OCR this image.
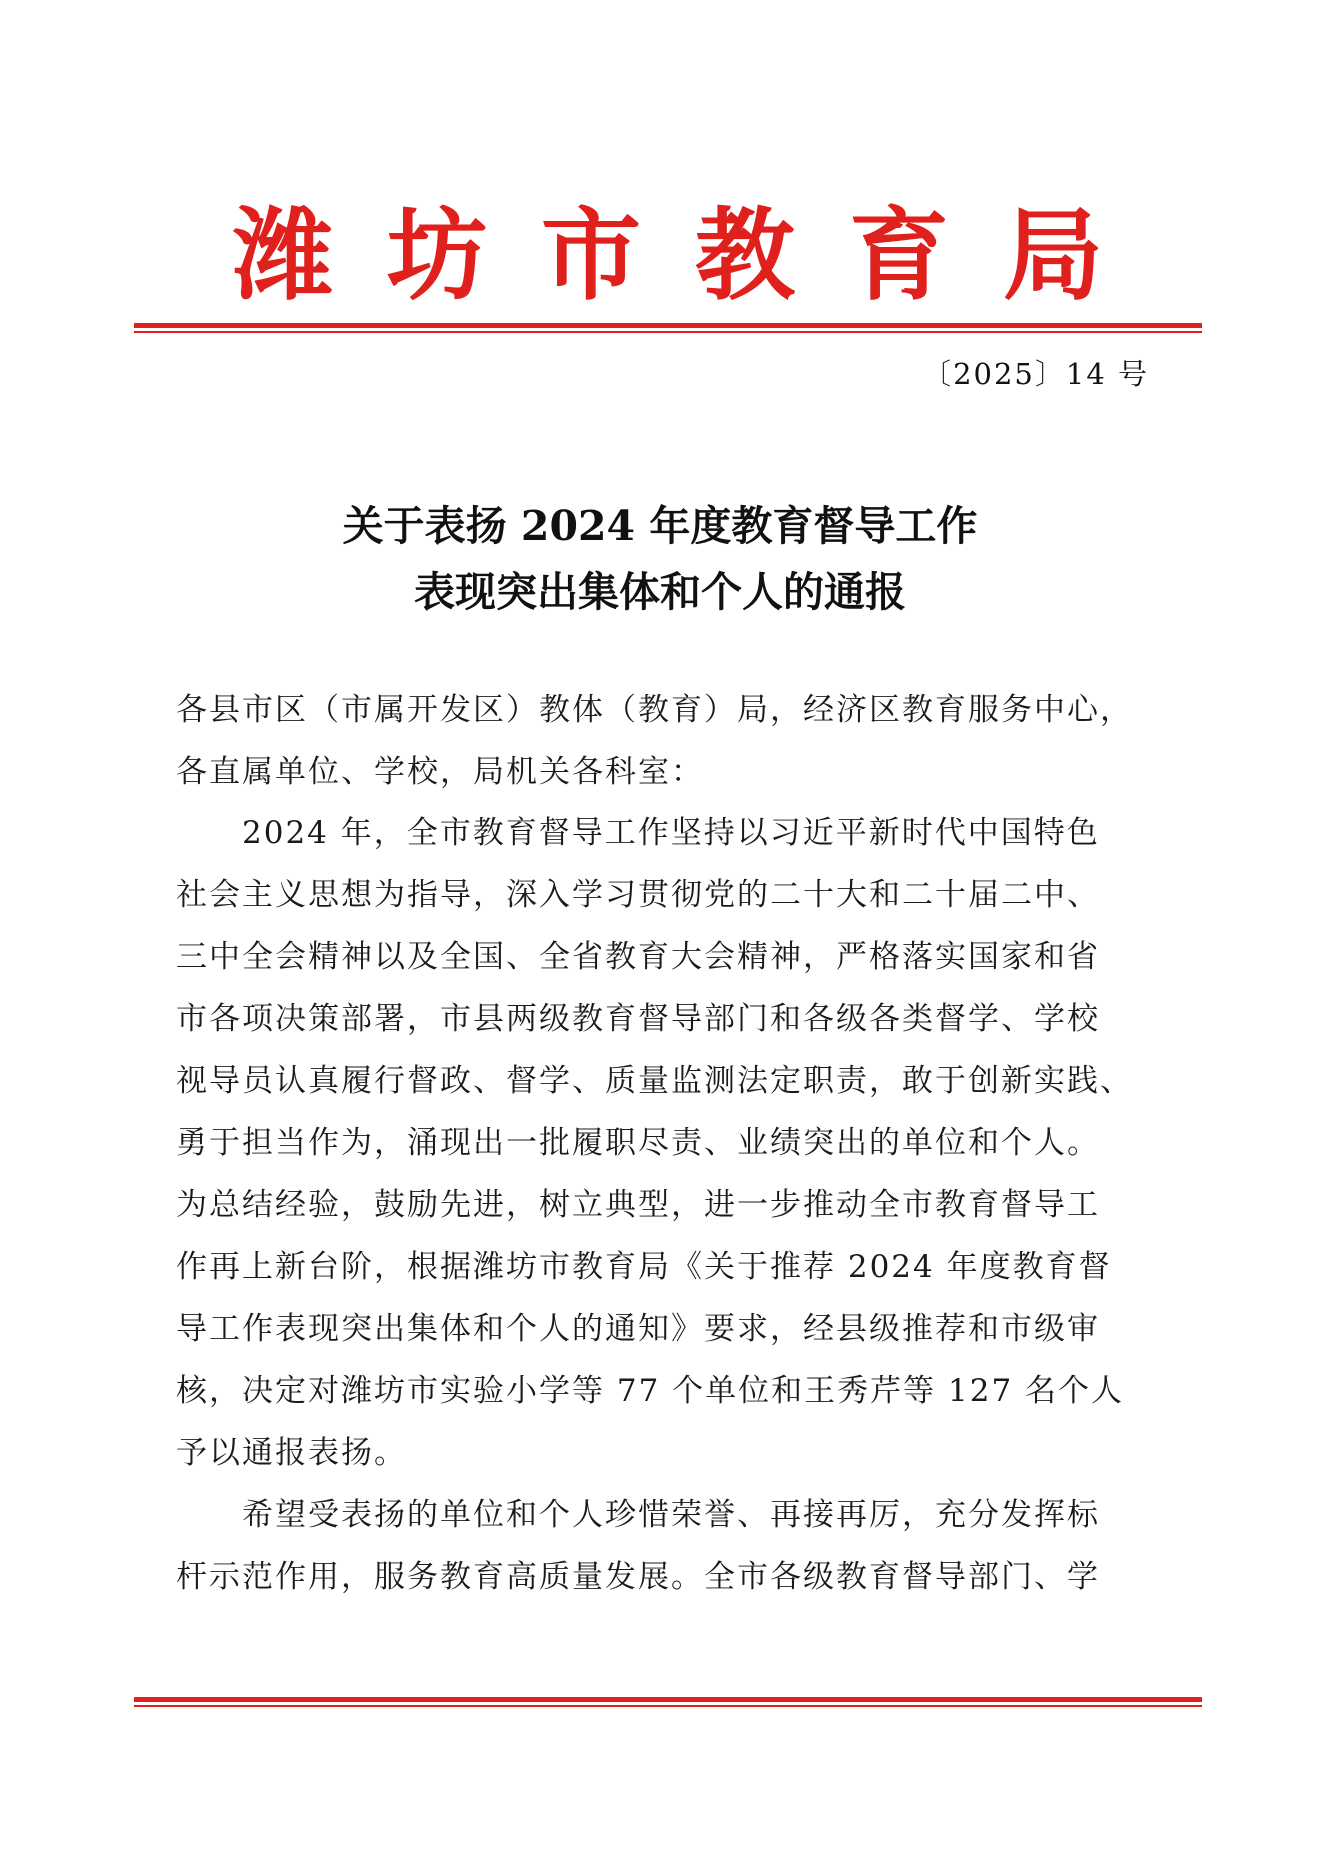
潍坊市教育局
〔2025〕14 号
关于表扬 2024 年度教育督导工作
表现突出集体和个人的通报
各县市区（市属开发区）教体（教育）局，经济区教育服务中心，
各直属单位、学校，局机关各科室：
　　2024 年，全市教育督导工作坚持以习近平新时代中国特色
社会主义思想为指导，深入学习贯彻党的二十大和二十届二中、
三中全会精神以及全国、全省教育大会精神，严格落实国家和省
市各项决策部署，市县两级教育督导部门和各级各类督学、学校
视导员认真履行督政、督学、质量监测法定职责，敢于创新实践、
勇于担当作为，涌现出一批履职尽责、业绩突出的单位和个人。
为总结经验，鼓励先进，树立典型，进一步推动全市教育督导工
作再上新台阶，根据潍坊市教育局《关于推荐 2024 年度教育督
导工作表现突出集体和个人的通知》要求，经县级推荐和市级审
核，决定对潍坊市实验小学等 77 个单位和王秀芹等 127 名个人
予以通报表扬。
　　希望受表扬的单位和个人珍惜荣誉、再接再厉，充分发挥标
杆示范作用，服务教育高质量发展。全市各级教育督导部门、学
